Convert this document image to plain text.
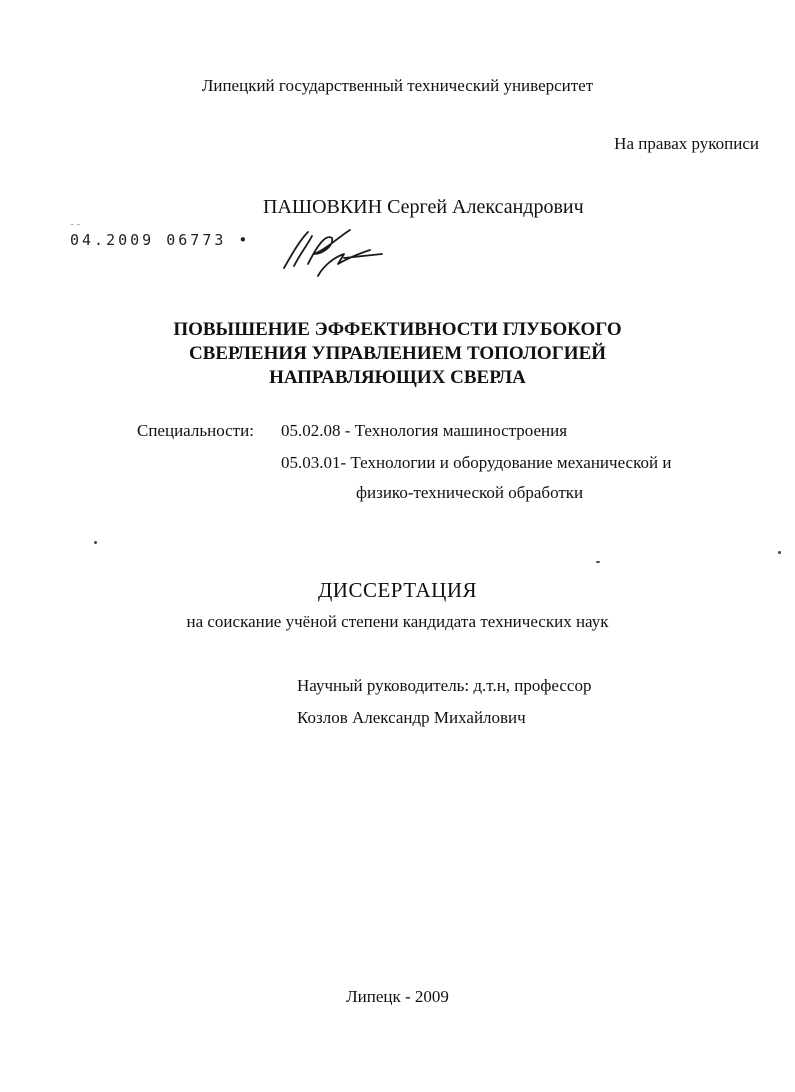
Липецкий государственный технический университет
На правах рукописи
ПАШОВКИН Сергей Александрович
⁻ ⁻
04.2009 06773 •
ПОВЫШЕНИЕ ЭФФЕКТИВНОСТИ ГЛУБОКОГО
СВЕРЛЕНИЯ УПРАВЛЕНИЕМ ТОПОЛОГИЕЙ
НАПРАВЛЯЮЩИХ СВЕРЛА
Специальности: 05.02.08 - Технология машиностроения
05.03.01- Технологии и оборудование механической и
физико-технической обработки
ДИССЕРТАЦИЯ
на соискание учёной степени кандидата технических наук
Научный руководитель: д.т.н, профессор
Козлов Александр Михайлович
Липецк - 2009
